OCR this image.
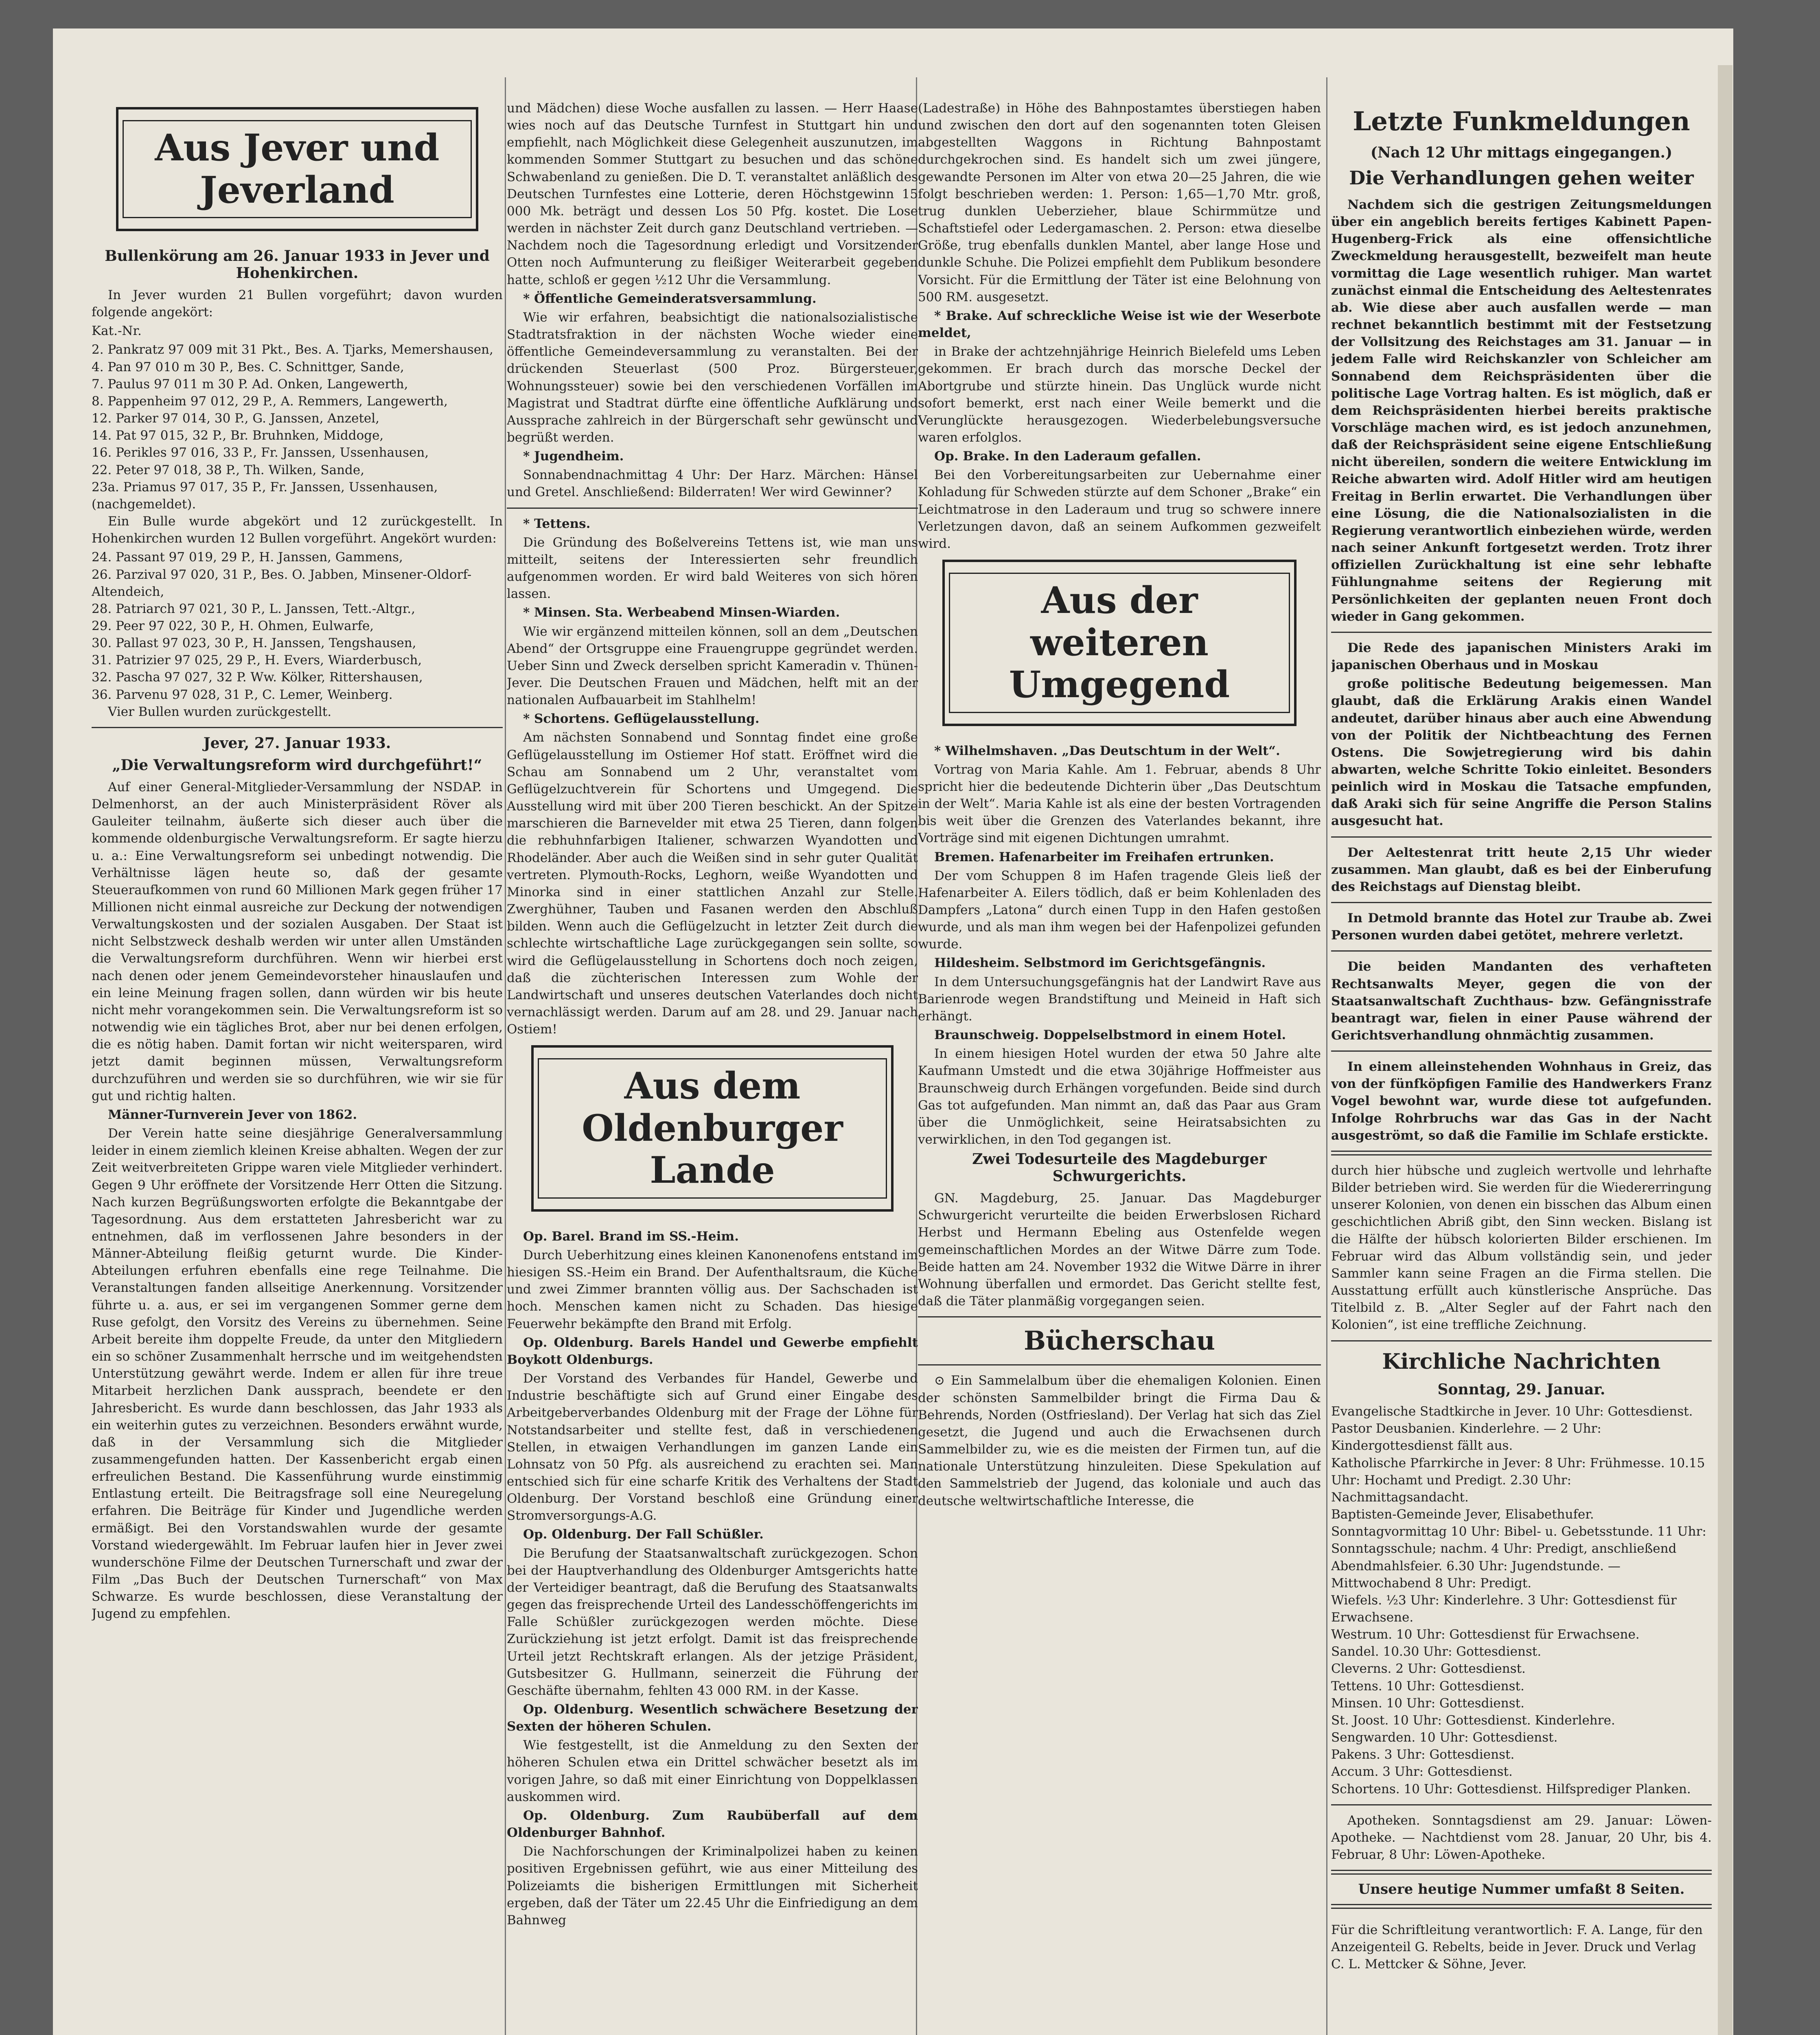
Aus Jever und Jeverland
Bullenkörung am 26. Januar 1933 in Jever und Hohenkirchen.

In Jever wurden 21 Bullen vorgeführt; davon wurden folgende angekört:

Kat.-Nr.

2. Pankratz 97 009 mit 31 Pkt., Bes. A. Tjarks, Memershausen,
4. Pan 97 010 m 30 P., Bes. C. Schnittger, Sande,
7. Paulus 97 011 m 30 P. Ad. Onken, Langewerth,
8. Pappenheim 97 012, 29 P., A. Remmers, Langewerth,
12. Parker 97 014, 30 P., G. Janssen, Anzetel,
14. Pat 97 015, 32 P., Br. Bruhnken, Middoge,
16. Perikles 97 016, 33 P., Fr. Janssen, Ussenhausen,
22. Peter 97 018, 38 P., Th. Wilken, Sande,
23a. Priamus 97 017, 35 P., Fr. Janssen, Ussenhausen, (nachgemeldet).

Ein Bulle wurde abgekört und 12 zurückgestellt. In Hohenkirchen wurden 12 Bullen vorgeführt. Angekört wurden:

24. Passant 97 019, 29 P., H. Janssen, Gammens,
26. Parzival 97 020, 31 P., Bes. O. Jabben, Minsener-Oldorf-Altendeich,
28. Patriarch 97 021, 30 P., L. Janssen, Tett.-Altgr.,
29. Peer 97 022, 30 P., H. Ohmen, Eulwarfe,
30. Pallast 97 023, 30 P., H. Janssen, Tengshausen,
31. Patrizier 97 025, 29 P., H. Evers, Wiarderbusch,
32. Pascha 97 027, 32 P. Ww. Kölker, Rittershausen,
36. Parvenu 97 028, 31 P., C. Lemer, Weinberg.

Vier Bullen wurden zurückgestellt.

Jever, 27. Januar 1933.
„Die Verwaltungsreform wird durchgeführt!“

Auf einer General-Mitglieder-Versammlung der NSDAP. in Delmenhorst, an der auch Ministerpräsident Röver als Gauleiter teilnahm, äußerte sich dieser auch über die kommende oldenburgische Verwaltungsreform. Er sagte hierzu u. a.: Eine Verwaltungsreform sei unbedingt notwendig. Die Verhältnisse lägen heute so, daß der gesamte Steueraufkommen von rund 60 Millionen Mark gegen früher 17 Millionen nicht einmal ausreiche zur Deckung der notwendigen Verwaltungskosten und der sozialen Ausgaben. Der Staat ist nicht Selbstzweck deshalb werden wir unter allen Umständen die Verwaltungsreform durchführen. Wenn wir hierbei erst nach denen oder jenem Gemeindevorsteher hinauslaufen und ein leine Meinung fragen sollen, dann würden wir bis heute nicht mehr vorangekommen sein. Die Verwaltungsreform ist so notwendig wie ein tägliches Brot, aber nur bei denen erfolgen, die es nötig haben. Damit fortan wir nicht weitersparen, wird jetzt damit beginnen müssen, Verwaltungsreform durchzuführen und werden sie so durchführen, wie wir sie für gut und richtig halten.

Männer-Turnverein Jever von 1862.

Der Verein hatte seine diesjährige Generalversammlung leider in einem ziemlich kleinen Kreise abhalten. Wegen der zur Zeit weitverbreiteten Grippe waren viele Mitglieder verhindert. Gegen 9 Uhr eröffnete der Vorsitzende Herr Otten die Sitzung. Nach kurzen Begrüßungsworten erfolgte die Bekanntgabe der Tagesordnung. Aus dem erstatteten Jahresbericht war zu entnehmen, daß im verflossenen Jahre besonders in der Männer-Abteilung fleißig geturnt wurde. Die Kinder-Abteilungen erfuhren ebenfalls eine rege Teilnahme. Die Veranstaltungen fanden allseitige Anerkennung. Vorsitzender führte u. a. aus, er sei im vergangenen Sommer gerne dem Ruse gefolgt, den Vorsitz des Vereins zu übernehmen. Seine Arbeit bereite ihm doppelte Freude, da unter den Mitgliedern ein so schöner Zusammenhalt herrsche und im weitgehendsten Unterstützung gewährt werde. Indem er allen für ihre treue Mitarbeit herzlichen Dank aussprach, beendete er den Jahresbericht. Es wurde dann beschlossen, das Jahr 1933 als ein weiterhin gutes zu verzeichnen. Besonders erwähnt wurde, daß in der Versammlung sich die Mitglieder zusammengefunden hatten. Der Kassenbericht ergab einen erfreulichen Bestand. Die Kassenführung wurde einstimmig Entlastung erteilt. Die Beitragsfrage soll eine Neuregelung erfahren. Die Beiträge für Kinder und Jugendliche werden ermäßigt. Bei den Vorstandswahlen wurde der gesamte Vorstand wiedergewählt. Im Februar laufen hier in Jever zwei wunderschöne Filme der Deutschen Turnerschaft und zwar der Film „Das Buch der Deutschen Turnerschaft“ von Max Schwarze. Es wurde beschlossen, diese Veranstaltung der Jugend zu empfehlen.

und Mädchen) diese Woche ausfallen zu lassen. — Herr Haase wies noch auf das Deutsche Turnfest in Stuttgart hin und empfiehlt, nach Möglichkeit diese Gelegenheit auszunutzen, im kommenden Sommer Stuttgart zu besuchen und das schöne Schwabenland zu genießen. Die D. T. veranstaltet anläßlich des Deutschen Turnfestes eine Lotterie, deren Höchstgewinn 15 000 Mk. beträgt und dessen Los 50 Pfg. kostet. Die Lose werden in nächster Zeit durch ganz Deutschland vertrieben. — Nachdem noch die Tagesordnung erledigt und Vorsitzender Otten noch Aufmunterung zu fleißiger Weiterarbeit gegeben hatte, schloß er gegen ½12 Uhr die Versammlung.

* Öffentliche Gemeinderatsversammlung.

Wie wir erfahren, beabsichtigt die nationalsozialistische Stadtratsfraktion in der nächsten Woche wieder eine öffentliche Gemeindeversammlung zu veranstalten. Bei der drückenden Steuerlast (500 Proz. Bürgersteuer, Wohnungssteuer) sowie bei den verschiedenen Vorfällen im Magistrat und Stadtrat dürfte eine öffentliche Aufklärung und Aussprache zahlreich in der Bürgerschaft sehr gewünscht und begrüßt werden.

* Jugendheim.

Sonnabendnachmittag 4 Uhr: Der Harz. Märchen: Hänsel und Gretel. Anschließend: Bilderraten! Wer wird Gewinner?

* Tettens.

Die Gründung des Boßelvereins Tettens ist, wie man uns mitteilt, seitens der Interessierten sehr freundlich aufgenommen worden. Er wird bald Weiteres von sich hören lassen.

* Minsen. Sta. Werbeabend Minsen-Wiarden.

Wie wir ergänzend mitteilen können, soll an dem „Deutschen Abend“ der Ortsgruppe eine Frauengruppe gegründet werden. Ueber Sinn und Zweck derselben spricht Kameradin v. Thünen-Jever. Die Deutschen Frauen und Mädchen, helft mit an der nationalen Aufbauarbeit im Stahlhelm!

* Schortens. Geflügelausstellung.

Am nächsten Sonnabend und Sonntag findet eine große Geflügelausstellung im Ostiemer Hof statt. Eröffnet wird die Schau am Sonnabend um 2 Uhr, veranstaltet vom Geflügelzuchtverein für Schortens und Umgegend. Die Ausstellung wird mit über 200 Tieren beschickt. An der Spitze marschieren die Barnevelder mit etwa 25 Tieren, dann folgen die rebhuhnfarbigen Italiener, schwarzen Wyandotten und Rhodeländer. Aber auch die Weißen sind in sehr guter Qualität vertreten. Plymouth-Rocks, Leghorn, weiße Wyandotten und Minorka sind in einer stattlichen Anzahl zur Stelle. Zwerghühner, Tauben und Fasanen werden den Abschluß bilden. Wenn auch die Geflügelzucht in letzter Zeit durch die schlechte wirtschaftliche Lage zurückgegangen sein sollte, so wird die Geflügelausstellung in Schortens doch noch zeigen, daß die züchterischen Interessen zum Wohle der Landwirtschaft und unseres deutschen Vaterlandes doch nicht vernachlässigt werden. Darum auf am 28. und 29. Januar nach Ostiem!

Aus dem Oldenburger Lande

Op. Barel. Brand im SS.-Heim.

Durch Ueberhitzung eines kleinen Kanonenofens entstand im hiesigen SS.-Heim ein Brand. Der Aufenthaltsraum, die Küche und zwei Zimmer brannten völlig aus. Der Sachschaden ist hoch. Menschen kamen nicht zu Schaden. Das hiesige Feuerwehr bekämpfte den Brand mit Erfolg.

Op. Oldenburg. Barels Handel und Gewerbe empfiehlt Boykott Oldenburgs.

Der Vorstand des Verbandes für Handel, Gewerbe und Industrie beschäftigte sich auf Grund einer Eingabe des Arbeitgeberverbandes Oldenburg mit der Frage der Löhne für Notstandsarbeiter und stellte fest, daß in verschiedenen Stellen, in etwaigen Verhandlungen im ganzen Lande ein Lohnsatz von 50 Pfg. als ausreichend zu erachten sei. Man entschied sich für eine scharfe Kritik des Verhaltens der Stadt Oldenburg. Der Vorstand beschloß eine Gründung einer Stromversorgungs-A.G.

Op. Oldenburg. Der Fall Schüßler.

Die Berufung der Staatsanwaltschaft zurückgezogen. Schon bei der Hauptverhandlung des Oldenburger Amtsgerichts hatte der Verteidiger beantragt, daß die Berufung des Staatsanwalts gegen das freisprechende Urteil des Landesschöffengerichts im Falle Schüßler zurückgezogen werden möchte. Diese Zurückziehung ist jetzt erfolgt. Damit ist das freisprechende Urteil jetzt Rechtskraft erlangen. Als der jetzige Präsident, Gutsbesitzer G. Hullmann, seinerzeit die Führung der Geschäfte übernahm, fehlten 43 000 RM. in der Kasse.

Op. Oldenburg. Wesentlich schwächere Besetzung der Sexten der höheren Schulen.

Wie festgestellt, ist die Anmeldung zu den Sexten der höheren Schulen etwa ein Drittel schwächer besetzt als im vorigen Jahre, so daß mit einer Einrichtung von Doppelklassen auskommen wird.

Op. Oldenburg. Zum Raubüberfall auf dem Oldenburger Bahnhof.

Die Nachforschungen der Kriminalpolizei haben zu keinen positiven Ergebnissen geführt, wie aus einer Mitteilung des Polizeiamts die bisherigen Ermittlungen mit Sicherheit ergeben, daß der Täter um 22.45 Uhr die Einfriedigung an dem Bahnweg

(Ladestraße) in Höhe des Bahnpostamtes überstiegen haben und zwischen den dort auf den sogenannten toten Gleisen abgestellten Waggons in Richtung Bahnpostamt durchgekrochen sind. Es handelt sich um zwei jüngere, gewandte Personen im Alter von etwa 20—25 Jahren, die wie folgt beschrieben werden: 1. Person: 1,65—1,70 Mtr. groß, trug dunklen Ueberzieher, blaue Schirmmütze und Schaftstiefel oder Ledergamaschen. 2. Person: etwa dieselbe Größe, trug ebenfalls dunklen Mantel, aber lange Hose und dunkle Schuhe. Die Polizei empfiehlt dem Publikum besondere Vorsicht. Für die Ermittlung der Täter ist eine Belohnung von 500 RM. ausgesetzt.

* Brake. Auf schreckliche Weise ist wie der Weserbote meldet,

in Brake der achtzehnjährige Heinrich Bielefeld ums Leben gekommen. Er brach durch das morsche Deckel der Abortgrube und stürzte hinein. Das Unglück wurde nicht sofort bemerkt, erst nach einer Weile bemerkt und die Verunglückte herausgezogen. Wiederbelebungsversuche waren erfolglos.

Op. Brake. In den Laderaum gefallen.

Bei den Vorbereitungsarbeiten zur Uebernahme einer Kohladung für Schweden stürzte auf dem Schoner „Brake“ ein Leichtmatrose in den Laderaum und trug so schwere innere Verletzungen davon, daß an seinem Aufkommen gezweifelt wird.

Aus der weiteren Umgegend

* Wilhelmshaven. „Das Deutschtum in der Welt“.

Vortrag von Maria Kahle. Am 1. Februar, abends 8 Uhr spricht hier die bedeutende Dichterin über „Das Deutschtum in der Welt“. Maria Kahle ist als eine der besten Vortragenden bis weit über die Grenzen des Vaterlandes bekannt, ihre Vorträge sind mit eigenen Dichtungen umrahmt.

Bremen. Hafenarbeiter im Freihafen ertrunken.

Der vom Schuppen 8 im Hafen tragende Gleis ließ der Hafenarbeiter A. Eilers tödlich, daß er beim Kohlenladen des Dampfers „Latona“ durch einen Tupp in den Hafen gestoßen wurde, und als man ihm wegen bei der Hafenpolizei gefunden wurde.

Hildesheim. Selbstmord im Gerichtsgefängnis.

In dem Untersuchungsgefängnis hat der Landwirt Rave aus Barienrode wegen Brandstiftung und Meineid in Haft sich erhängt.

Braunschweig. Doppelselbstmord in einem Hotel.

In einem hiesigen Hotel wurden der etwa 50 Jahre alte Kaufmann Umstedt und die etwa 30jährige Hoffmeister aus Braunschweig durch Erhängen vorgefunden. Beide sind durch Gas tot aufgefunden. Man nimmt an, daß das Paar aus Gram über die Unmöglichkeit, seine Heiratsabsichten zu verwirklichen, in den Tod gegangen ist.

Zwei Todesurteile des Magdeburger Schwurgerichts.

GN. Magdeburg, 25. Januar. Das Magdeburger Schwurgericht verurteilte die beiden Erwerbslosen Richard Herbst und Hermann Ebeling aus Ostenfelde wegen gemeinschaftlichen Mordes an der Witwe Därre zum Tode. Beide hatten am 24. November 1932 die Witwe Därre in ihrer Wohnung überfallen und ermordet. Das Gericht stellte fest, daß die Täter planmäßig vorgegangen seien.

Bücherschau

⊙ Ein Sammelalbum über die ehemaligen Kolonien. Einen der schönsten Sammelbilder bringt die Firma Dau & Behrends, Norden (Ostfriesland). Der Verlag hat sich das Ziel gesetzt, die Jugend und auch die Erwachsenen durch Sammelbilder zu, wie es die meisten der Firmen tun, auf die nationale Unterstützung hinzuleiten. Diese Spekulation auf den Sammelstrieb der Jugend, das koloniale und auch das deutsche weltwirtschaftliche Interesse, die

Letzte Funkmeldungen
(Nach 12 Uhr mittags eingegangen.)
Die Verhandlungen gehen weiter

Nachdem sich die gestrigen Zeitungsmeldungen über ein angeblich bereits fertiges Kabinett Papen-Hugenberg-Frick als eine offensichtliche Zweckmeldung herausgestellt, bezweifelt man heute vormittag die Lage wesentlich ruhiger. Man wartet zunächst einmal die Entscheidung des Aeltestenrates ab. Wie diese aber auch ausfallen werde — man rechnet bekanntlich bestimmt mit der Festsetzung der Vollsitzung des Reichstages am 31. Januar — in jedem Falle wird Reichskanzler von Schleicher am Sonnabend dem Reichspräsidenten über die politische Lage Vortrag halten. Es ist möglich, daß er dem Reichspräsidenten hierbei bereits praktische Vorschläge machen wird, es ist jedoch anzunehmen, daß der Reichspräsident seine eigene Entschließung nicht übereilen, sondern die weitere Entwicklung im Reiche abwarten wird. Adolf Hitler wird am heutigen Freitag in Berlin erwartet. Die Verhandlungen über eine Lösung, die die Nationalsozialisten in die Regierung verantwortlich einbeziehen würde, werden nach seiner Ankunft fortgesetzt werden. Trotz ihrer offiziellen Zurückhaltung ist eine sehr lebhafte Fühlungnahme seitens der Regierung mit Persönlichkeiten der geplanten neuen Front doch wieder in Gang gekommen.

Die Rede des japanischen Ministers Araki im japanischen Oberhaus und in Moskau

große politische Bedeutung beigemessen. Man glaubt, daß die Erklärung Arakis einen Wandel andeutet, darüber hinaus aber auch eine Abwendung von der Politik der Nichtbeachtung des Fernen Ostens. Die Sowjetregierung wird bis dahin abwarten, welche Schritte Tokio einleitet. Besonders peinlich wird in Moskau die Tatsache empfunden, daß Araki sich für seine Angriffe die Person Stalins ausgesucht hat.

Der Aeltestenrat tritt heute 2,15 Uhr wieder zusammen. Man glaubt, daß es bei der Einberufung des Reichstags auf Dienstag bleibt.

In Detmold brannte das Hotel zur Traube ab. Zwei Personen wurden dabei getötet, mehrere verletzt.

Die beiden Mandanten des verhafteten Rechtsanwalts Meyer, gegen die von der Staatsanwaltschaft Zuchthaus- bzw. Gefängnisstrafe beantragt war, fielen in einer Pause während der Gerichtsverhandlung ohnmächtig zusammen.

In einem alleinstehenden Wohnhaus in Greiz, das von der fünfköpfigen Familie des Handwerkers Franz Vogel bewohnt war, wurde diese tot aufgefunden. Infolge Rohrbruchs war das Gas in der Nacht ausgeströmt, so daß die Familie im Schlafe erstickte.

durch hier hübsche und zugleich wertvolle und lehrhafte Bilder betrieben wird. Sie werden für die Wiedererringung unserer Kolonien, von denen ein bisschen das Album einen geschichtlichen Abriß gibt, den Sinn wecken. Bislang ist die Hälfte der hübsch kolorierten Bilder erschienen. Im Februar wird das Album vollständig sein, und jeder Sammler kann seine Fragen an die Firma stellen. Die Ausstattung erfüllt auch künstlerische Ansprüche. Das Titelbild z. B. „Alter Segler auf der Fahrt nach den Kolonien“, ist eine treffliche Zeichnung.

Kirchliche Nachrichten
Sonntag, 29. Januar.
Evangelische Stadtkirche in Jever. 10 Uhr: Gottesdienst. Pastor Deusbanien. Kinderlehre. — 2 Uhr: Kindergottesdienst fällt aus.
Katholische Pfarrkirche in Jever: 8 Uhr: Frühmesse. 10.15 Uhr: Hochamt und Predigt. 2.30 Uhr: Nachmittagsandacht.
Baptisten-Gemeinde Jever, Elisabethufer. Sonntagvormittag 10 Uhr: Bibel- u. Gebetsstunde. 11 Uhr: Sonntagsschule; nachm. 4 Uhr: Predigt, anschließend Abendmahlsfeier. 6.30 Uhr: Jugendstunde. — Mittwochabend 8 Uhr: Predigt.
Wiefels. ½3 Uhr: Kinderlehre. 3 Uhr: Gottesdienst für Erwachsene.
Westrum. 10 Uhr: Gottesdienst für Erwachsene.
Sandel. 10.30 Uhr: Gottesdienst.
Cleverns. 2 Uhr: Gottesdienst.
Tettens. 10 Uhr: Gottesdienst.
Minsen. 10 Uhr: Gottesdienst.
St. Joost. 10 Uhr: Gottesdienst. Kinderlehre.
Sengwarden. 10 Uhr: Gottesdienst.
Pakens. 3 Uhr: Gottesdienst.
Accum. 3 Uhr: Gottesdienst.
Schortens. 10 Uhr: Gottesdienst. Hilfsprediger Planken.

Apotheken. Sonntagsdienst am 29. Januar: Löwen-Apotheke. — Nachtdienst vom 28. Januar, 20 Uhr, bis 4. Februar, 8 Uhr: Löwen-Apotheke.

Unsere heutige Nummer umfaßt 8 Seiten.

Für die Schriftleitung verantwortlich: F. A. Lange, für den Anzeigenteil G. Rebelts, beide in Jever. Druck und Verlag C. L. Mettcker & Söhne, Jever.
